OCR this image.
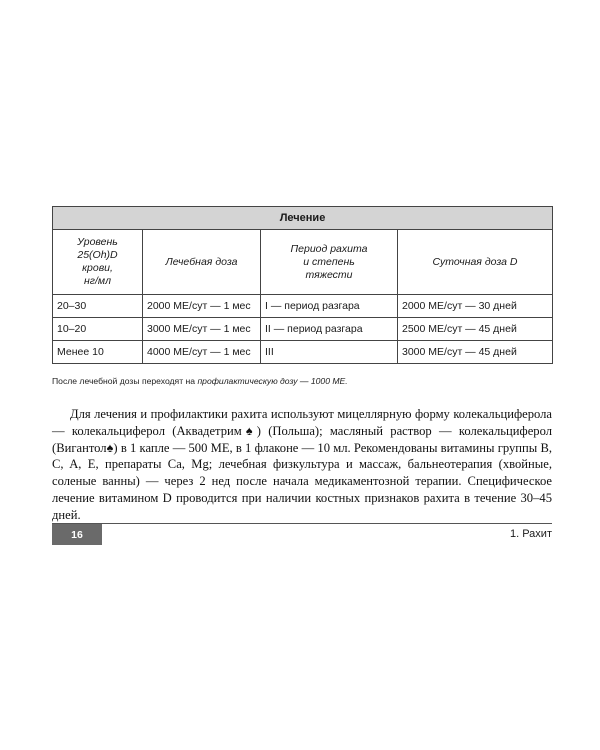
Лечение			
Уровень
25(Oh)D
крови,
нг/мл	Лечебная доза	Период рахита
и степень
тяжести	Суточная доза D
20–30	2000 МЕ/сут — 1 мес	I — период разгара	2000 МЕ/сут — 30 дней
10–20	3000 МЕ/сут — 1 мес	II — период разгара	2500 МЕ/сут — 45 дней
Менее 10	4000 МЕ/сут — 1 мес	III	3000 МЕ/сут — 45 дней
После лечебной дозы переходят на профилактическую дозу — 1000 МЕ.

Для лечения и профилактики рахита используют мицеллярную форму колекальциферола — колекальциферол (Аквадетрим♠) (Польша); масляный раствор — колекальциферол (Вигантол♠) в 1 капле — 500 МЕ, в 1 флаконе — 10 мл. Рекомендованы витамины группы B, C, A, E, препараты Ca, Mg; лечебная физкультура и массаж, бальнеотерапия (хвойные, соленые ванны) — через 2 нед после начала медикаментозной терапии. Специфическое лечение витамином D проводится при наличии костных признаков рахита в течение 30–45 дней.

16	1. Рахит
